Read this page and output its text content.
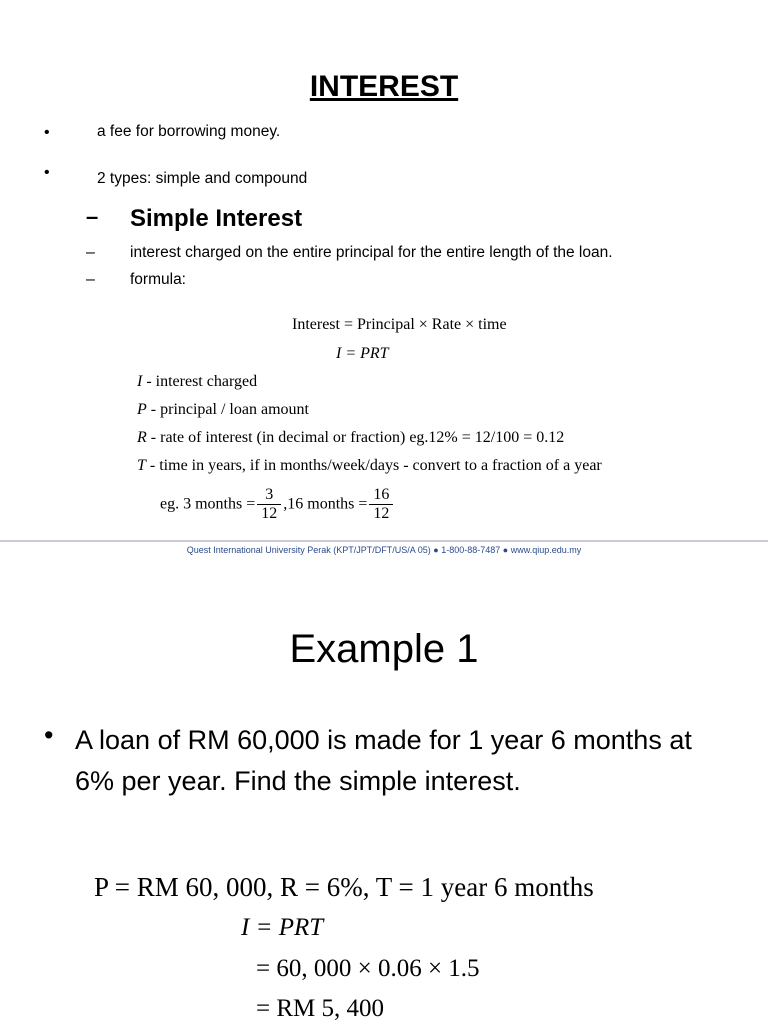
INTEREST
•	a fee for borrowing money.
•	2 types: simple and compound
– Simple Interest
– interest charged on the entire principal for the entire length of the loan.
– formula:
Interest = Principal × Rate × time
I = PRT
I - interest charged
P - principal / loan amount
R - rate of interest (in decimal or fraction) eg.12% = 12/100 = 0.12
T - time in years, if in months/week/days - convert to a fraction of a year
eg. 3 months = $\frac{3}{12} ,16$ months = $\frac{16}{12}$
Quest International University Perak (KPT/JPT/DFT/US/A 05) ● 1-800-88-7487 ● www.qiup.edu.my
Example 1
• A loan of RM 60,000 is made for 1 year 6 months at 6% per year. Find the simple interest.
P = RM 60, 000, R = 6%, T = 1 year 6 months
I = PRT
= 60, 000 × 0.06 × 1.5
= RM 5, 400
